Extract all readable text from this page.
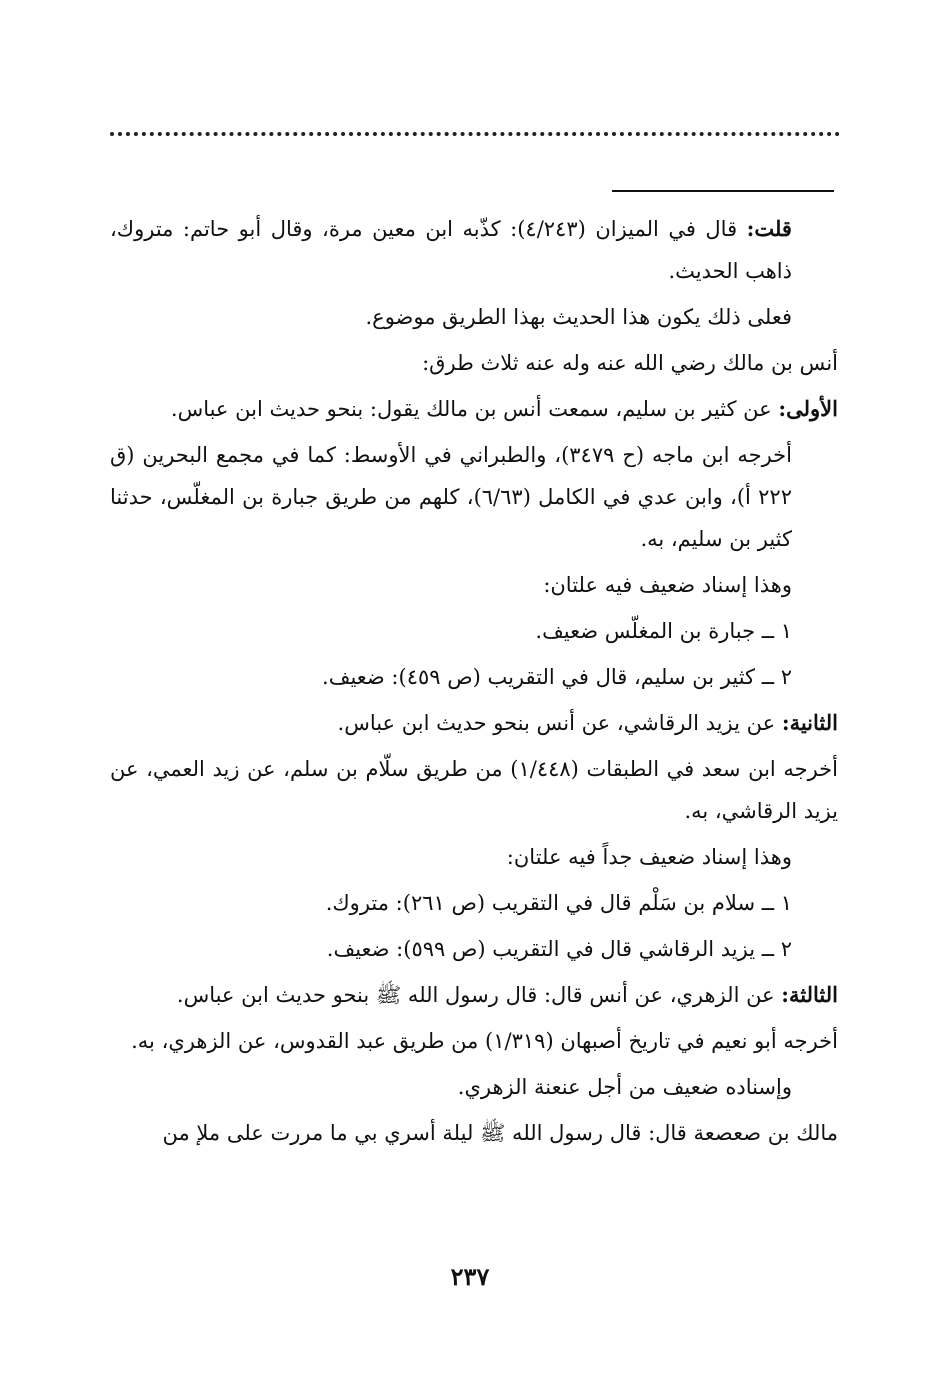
قلت: قال في الميزان (٤/٢٤٣): كذّبه ابن معين مرة، وقال أبو حاتم: متروك، ذاهب الحديث.

فعلى ذلك يكون هذا الحديث بهذا الطريق موضوع.

أنس بن مالك رضي الله عنه وله عنه ثلاث طرق:

الأولى: عن كثير بن سليم، سمعت أنس بن مالك يقول: بنحو حديث ابن عباس.

أخرجه ابن ماجه (ح ٣٤٧٩)، والطبراني في الأوسط: كما في مجمع البحرين (ق ٢٢٢ أ)، وابن عدي في الكامل (٦/٦٣)، كلهم من طريق جبارة بن المغلّس، حدثنا كثير بن سليم، به.

وهذا إسناد ضعيف فيه علتان:

١ ــ جبارة بن المغلّس ضعيف.

٢ ــ كثير بن سليم، قال في التقريب (ص ٤٥٩): ضعيف.

الثانية: عن يزيد الرقاشي، عن أنس بنحو حديث ابن عباس.

أخرجه ابن سعد في الطبقات (١/٤٤٨) من طريق سلّام بن سلم، عن زيد العمي، عن يزيد الرقاشي، به.

وهذا إسناد ضعيف جداً فيه علتان:

١ ــ سلام بن سَلْم قال في التقريب (ص ٢٦١): متروك.

٢ ــ يزيد الرقاشي قال في التقريب (ص ٥٩٩): ضعيف.

الثالثة: عن الزهري، عن أنس قال: قال رسول الله ﷺ بنحو حديث ابن عباس.

أخرجه أبو نعيم في تاريخ أصبهان (١/٣١٩) من طريق عبد القدوس، عن الزهري، به.

وإسناده ضعيف من أجل عنعنة الزهري.

مالك بن صعصعة قال: قال رسول الله ﷺ ليلة أسري بي ما مررت على ملإ من

٢٣٧
